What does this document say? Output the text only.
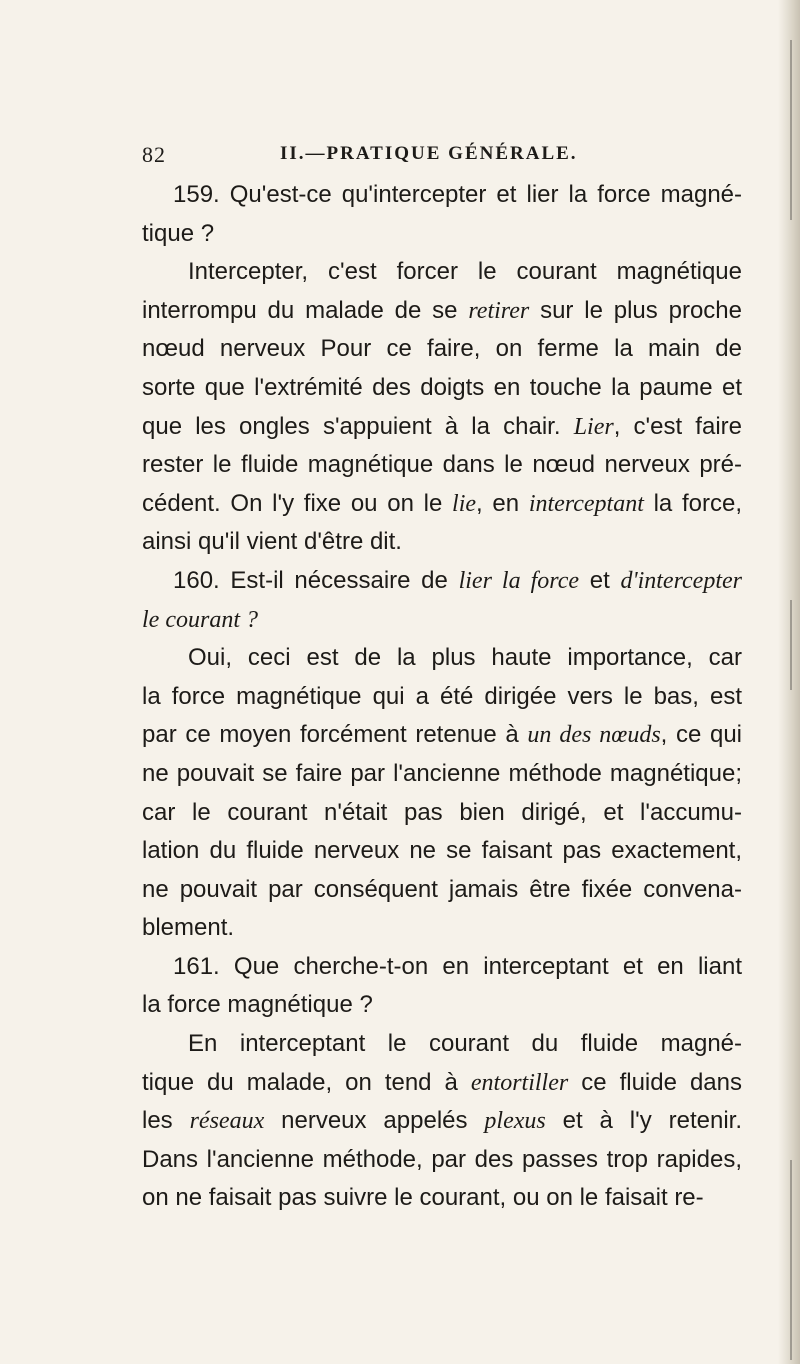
82	II.—PRATIQUE GÉNÉRALE.
159. Qu'est-ce qu'intercepter et lier la force magné-
tique ?
Intercepter, c'est forcer le courant magnétique
interrompu du malade de se retirer sur le plus proche
nœud nerveux Pour ce faire, on ferme la main de
sorte que l'extrémité des doigts en touche la paume et
que les ongles s'appuient à la chair. Lier, c'est faire
rester le fluide magnétique dans le nœud nerveux pré-
cédent. On l'y fixe ou on le lie, en interceptant la force,
ainsi qu'il vient d'être dit.
160. Est-il nécessaire de lier la force et d'intercepter
le courant ?
Oui, ceci est de la plus haute importance, car
la force magnétique qui a été dirigée vers le bas, est
par ce moyen forcément retenue à un des nœuds, ce qui
ne pouvait se faire par l'ancienne méthode magnétique;
car le courant n'était pas bien dirigé, et l'accumu-
lation du fluide nerveux ne se faisant pas exactement,
ne pouvait par conséquent jamais être fixée convena-
blement.
161. Que cherche-t-on en interceptant et en liant
la force magnétique ?
En interceptant le courant du fluide magné-
tique du malade, on tend à entortiller ce fluide dans
les réseaux nerveux appelés plexus et à l'y retenir.
Dans l'ancienne méthode, par des passes trop rapides,
on ne faisait pas suivre le courant, ou on le faisait re-
